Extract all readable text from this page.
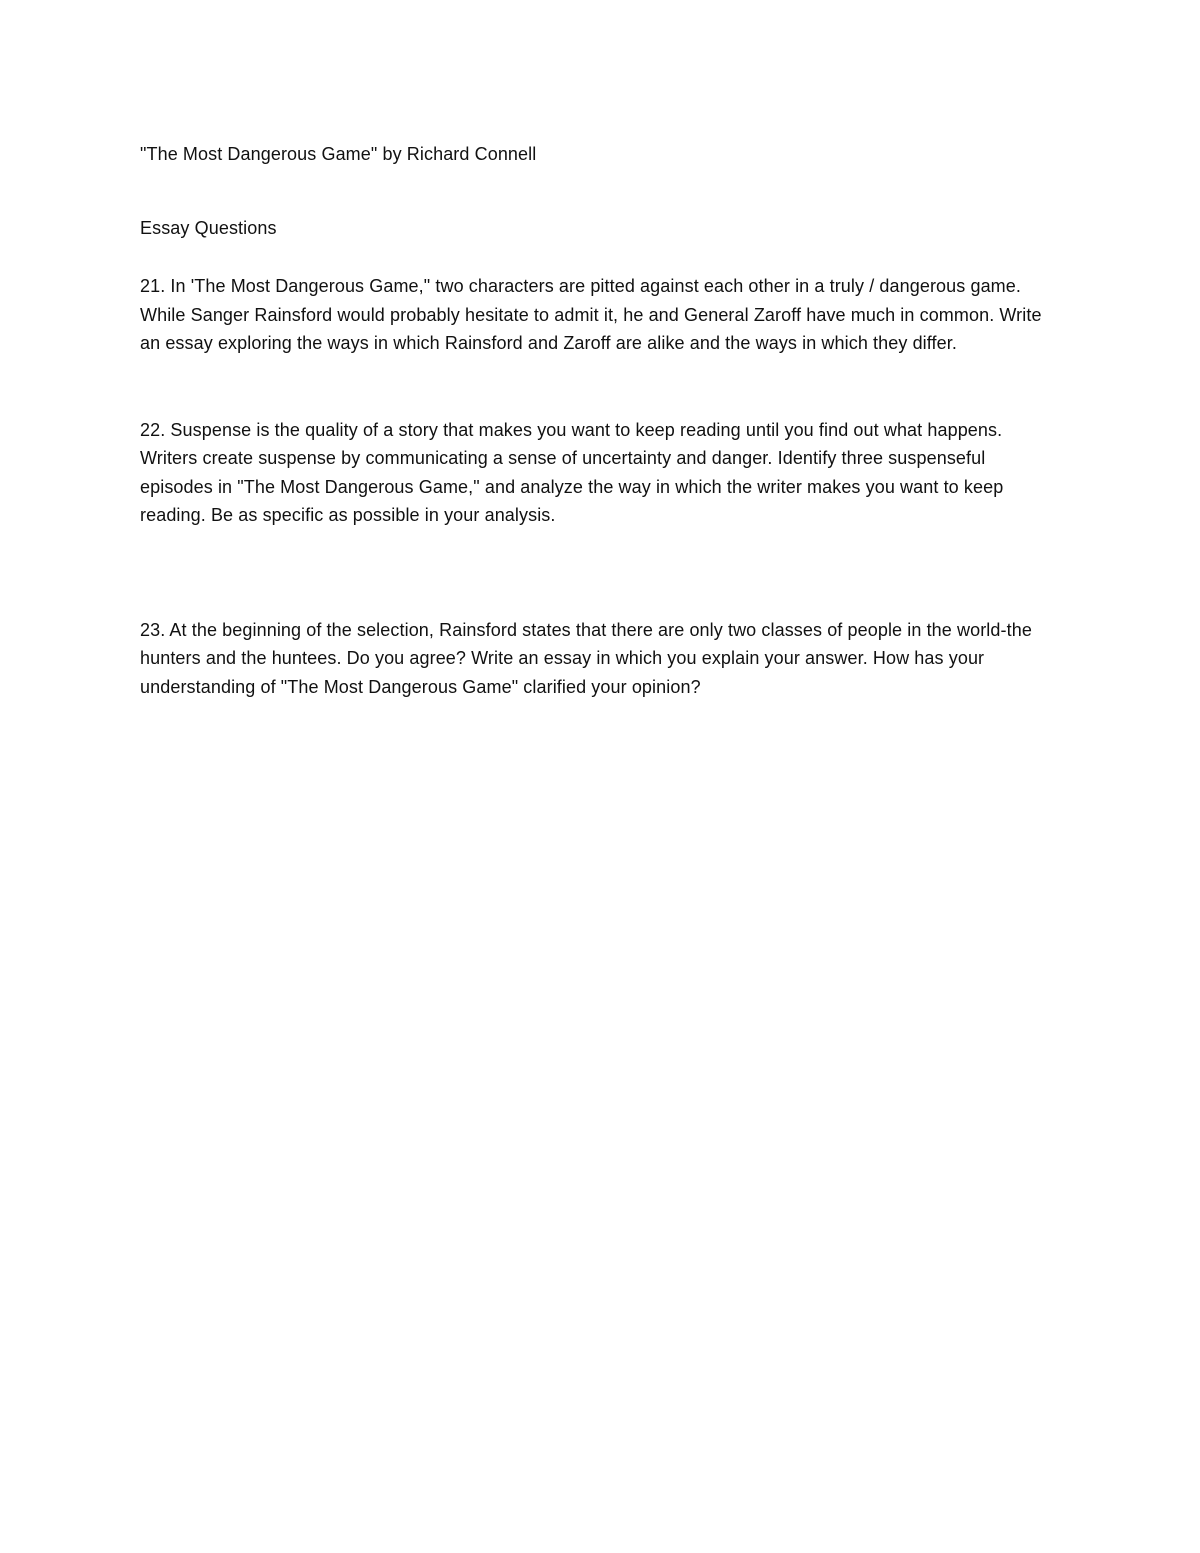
"The Most Dangerous Game" by Richard Connell
Essay Questions

21. In 'The Most Dangerous Game," two characters are pitted against each other in a truly / dangerous game. While Sanger Rainsford would probably hesitate to admit it, he and General Zaroff have much in common. Write an essay exploring the ways in which Rainsford and Zaroff are alike and the ways in which they differ.

22. Suspense is the quality of a story that makes you want to keep reading until you find out what happens. Writers create suspense by communicating a sense of uncertainty and danger. Identify three suspenseful episodes in "The Most Dangerous Game," and analyze the way in which the writer makes you want to keep reading. Be as specific as possible in your analysis.

23. At the beginning of the selection, Rainsford states that there are only two classes of people in the world-the hunters and the huntees. Do you agree? Write an essay in which you explain your answer. How has your understanding of "The Most Dangerous Game" clarified your opinion?
